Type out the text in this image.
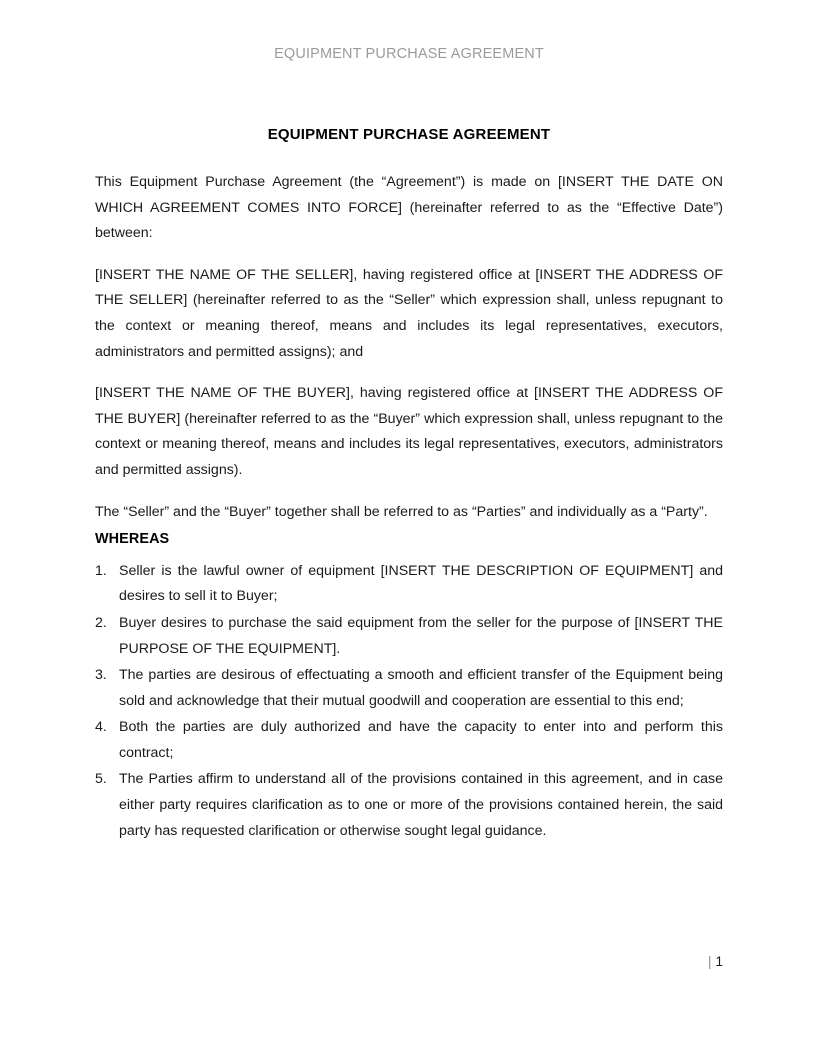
EQUIPMENT PURCHASE AGREEMENT
EQUIPMENT PURCHASE AGREEMENT

This Equipment Purchase Agreement (the “Agreement”) is made on [INSERT THE DATE ON WHICH AGREEMENT COMES INTO FORCE] (hereinafter referred to as the “Effective Date”) between:

[INSERT THE NAME OF THE SELLER], having registered office at [INSERT THE ADDRESS OF THE SELLER] (hereinafter referred to as the “Seller” which expression shall, unless repugnant to the context or meaning thereof, means and includes its legal representatives, executors, administrators and permitted assigns); and

[INSERT THE NAME OF THE BUYER], having registered office at [INSERT THE ADDRESS OF THE BUYER] (hereinafter referred to as the “Buyer” which expression shall, unless repugnant to the context or meaning thereof, means and includes its legal representatives, executors, administrators and permitted assigns).

The “Seller” and the “Buyer” together shall be referred to as “Parties” and individually as a “Party”.

WHEREAS
Seller is the lawful owner of equipment [INSERT THE DESCRIPTION OF EQUIPMENT] and desires to sell it to Buyer;
Buyer desires to purchase the said equipment from the seller for the purpose of [INSERT THE PURPOSE OF THE EQUIPMENT].
The parties are desirous of effectuating a smooth and efficient transfer of the Equipment being sold and acknowledge that their mutual goodwill and cooperation are essential to this end;
Both the parties are duly authorized and have the capacity to enter into and perform this contract;
The Parties affirm to understand all of the provisions contained in this agreement, and in case either party requires clarification as to one or more of the provisions contained herein, the said party has requested clarification or otherwise sought legal guidance.
| 1
